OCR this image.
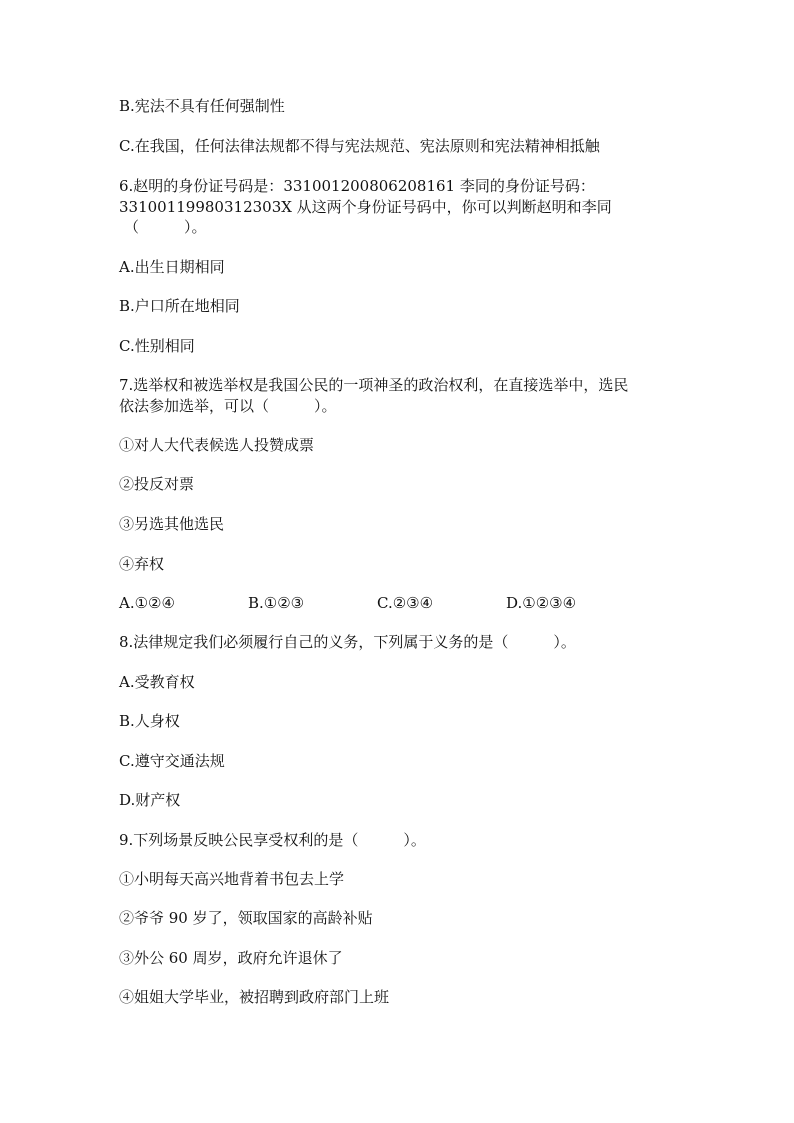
B.宪法不具有任何强制性
C.在我国，任何法律法规都不得与宪法规范、宪法原则和宪法精神相抵触
6.赵明的身份证号码是：331001200806208161 李同的身份证号码：
33100119980312303X 从这两个身份证号码中，你可以判断赵明和李同
（　　　）。
A.出生日期相同
B.户口所在地相同
C.性别相同
7.选举权和被选举权是我国公民的一项神圣的政治权利，在直接选举中，选民
依法参加选举，可以（　　　）。
①对人大代表候选人投赞成票
②投反对票
③另选其他选民
④弃权
A.①②④	B.①②③	C.②③④	D.①②③④
8.法律规定我们必须履行自己的义务，下列属于义务的是（　　　）。
A.受教育权
B.人身权
C.遵守交通法规
D.财产权
9.下列场景反映公民享受权利的是（　　　）。
①小明每天高兴地背着书包去上学
②爷爷 90 岁了，领取国家的高龄补贴
③外公 60 周岁，政府允许退休了
④姐姐大学毕业，被招聘到政府部门上班
